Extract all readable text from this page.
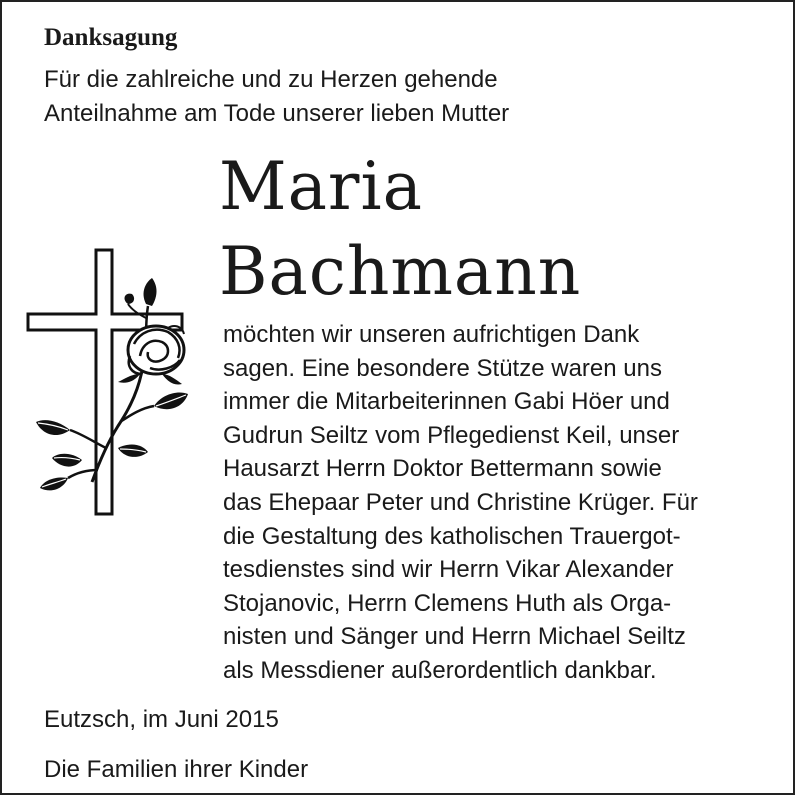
Danksagung
Für die zahlreiche und zu Herzen gehende
Anteilnahme am Tode unserer lieben Mutter
Maria
Bachmann
möchten wir unseren aufrichtigen Dank
sagen. Eine besondere Stütze waren uns
immer die Mitarbeiterinnen Gabi Höer und
Gudrun Seiltz vom Pflegedienst Keil, unser
Hausarzt Herrn Doktor Bettermann sowie
das Ehepaar Peter und Christine Krüger. Für
die Gestaltung des katholischen Trauergot-
tesdienstes sind wir Herrn Vikar Alexander
Stojanovic, Herrn Clemens Huth als Orga-
nisten und Sänger und Herrn Michael Seiltz
als Messdiener außerordentlich dankbar.
Eutzsch, im Juni 2015
Die Familien ihrer Kinder
